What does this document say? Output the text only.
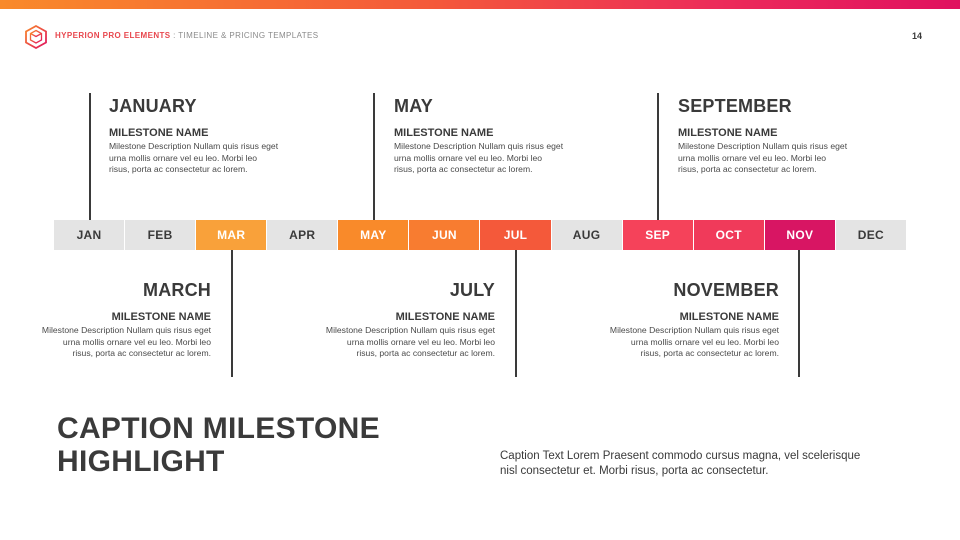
HYPERION PRO ELEMENTS : TIMELINE & PRICING TEMPLATES	14
JAN	FEB	MAR	APR	MAY	JUN	JUL	AUG	SEP	OCT	NOV	DEC
JANUARY
MILESTONE NAME
Milestone Description Nullam quis risus eget urna mollis ornare vel eu leo. Morbi leo risus, porta ac consectetur ac lorem.
MAY
MILESTONE NAME
Milestone Description Nullam quis risus eget urna mollis ornare vel eu leo. Morbi leo risus, porta ac consectetur ac lorem.
SEPTEMBER
MILESTONE NAME
Milestone Description Nullam quis risus eget urna mollis ornare vel eu leo. Morbi leo risus, porta ac consectetur ac lorem.
MARCH
MILESTONE NAME
Milestone Description Nullam quis risus eget urna mollis ornare vel eu leo. Morbi leo risus, porta ac consectetur ac lorem.
JULY
MILESTONE NAME
Milestone Description Nullam quis risus eget urna mollis ornare vel eu leo. Morbi leo risus, porta ac consectetur ac lorem.
NOVEMBER
MILESTONE NAME
Milestone Description Nullam quis risus eget urna mollis ornare vel eu leo. Morbi leo risus, porta ac consectetur ac lorem.
CAPTION MILESTONE HIGHLIGHT	Caption Text Lorem Praesent commodo cursus magna, vel scelerisque nisl consectetur et. Morbi risus, porta ac consectetur.
